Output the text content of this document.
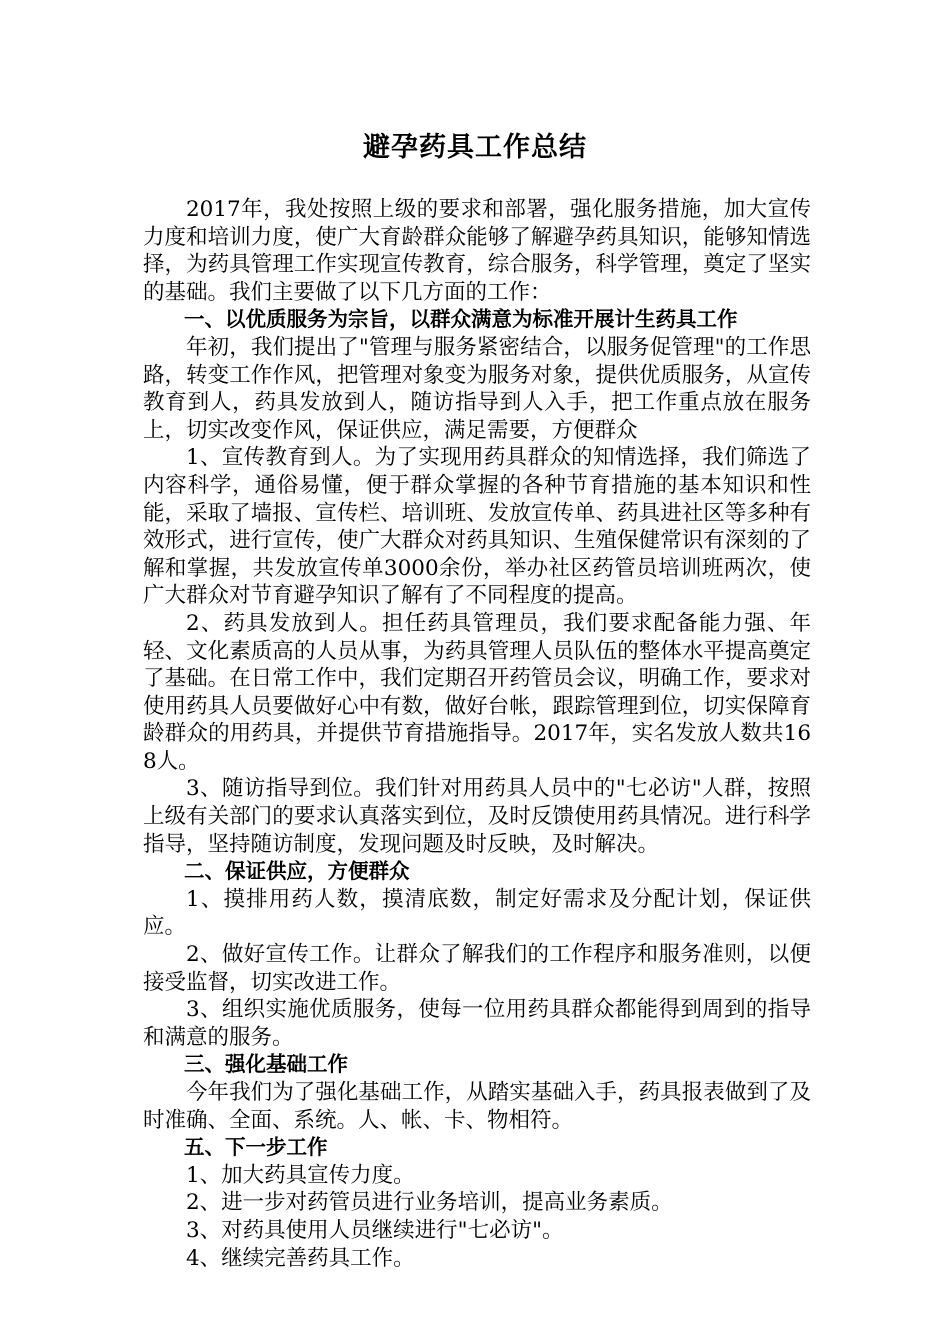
避孕药具工作总结

2017年，我处按照上级的要求和部署，强化服务措施，加大宣传力度和培训力度，使广大育龄群众能够了解避孕药具知识，能够知情选择，为药具管理工作实现宣传教育，综合服务，科学管理，奠定了坚实的基础。我们主要做了以下几方面的工作：

一、以优质服务为宗旨，以群众满意为标准开展计生药具工作

年初，我们提出了"管理与服务紧密结合，以服务促管理"的工作思路，转变工作作风，把管理对象变为服务对象，提供优质服务，从宣传教育到人，药具发放到人，随访指导到人入手，把工作重点放在服务上，切实改变作风，保证供应，满足需要，方便群众

1、宣传教育到人。为了实现用药具群众的知情选择，我们筛选了内容科学，通俗易懂，便于群众掌握的各种节育措施的基本知识和性能，采取了墙报、宣传栏、培训班、发放宣传单、药具进社区等多种有效形式，进行宣传，使广大群众对药具知识、生殖保健常识有深刻的了解和掌握，共发放宣传单3000余份，举办社区药管员培训班两次，使广大群众对节育避孕知识了解有了不同程度的提高。

2、药具发放到人。担任药具管理员，我们要求配备能力强、年轻、文化素质高的人员从事，为药具管理人员队伍的整体水平提高奠定了基础。在日常工作中，我们定期召开药管员会议，明确工作，要求对使用药具人员要做好心中有数，做好台帐，跟踪管理到位，切实保障育龄群众的用药具，并提供节育措施指导。2017年，实名发放人数共168人。

3、随访指导到位。我们针对用药具人员中的"七必访"人群，按照上级有关部门的要求认真落实到位，及时反馈使用药具情况。进行科学指导，坚持随访制度，发现问题及时反映，及时解决。

二、保证供应，方便群众

1、摸排用药人数，摸清底数，制定好需求及分配计划，保证供应。

2、做好宣传工作。让群众了解我们的工作程序和服务准则，以便接受监督，切实改进工作。

3、组织实施优质服务，使每一位用药具群众都能得到周到的指导和满意的服务。

三、强化基础工作

今年我们为了强化基础工作，从踏实基础入手，药具报表做到了及时准确、全面、系统。人、帐、卡、物相符。

五、下一步工作

1、加大药具宣传力度。

2、进一步对药管员进行业务培训，提高业务素质。

3、对药具使用人员继续进行"七必访"。

4、继续完善药具工作。
